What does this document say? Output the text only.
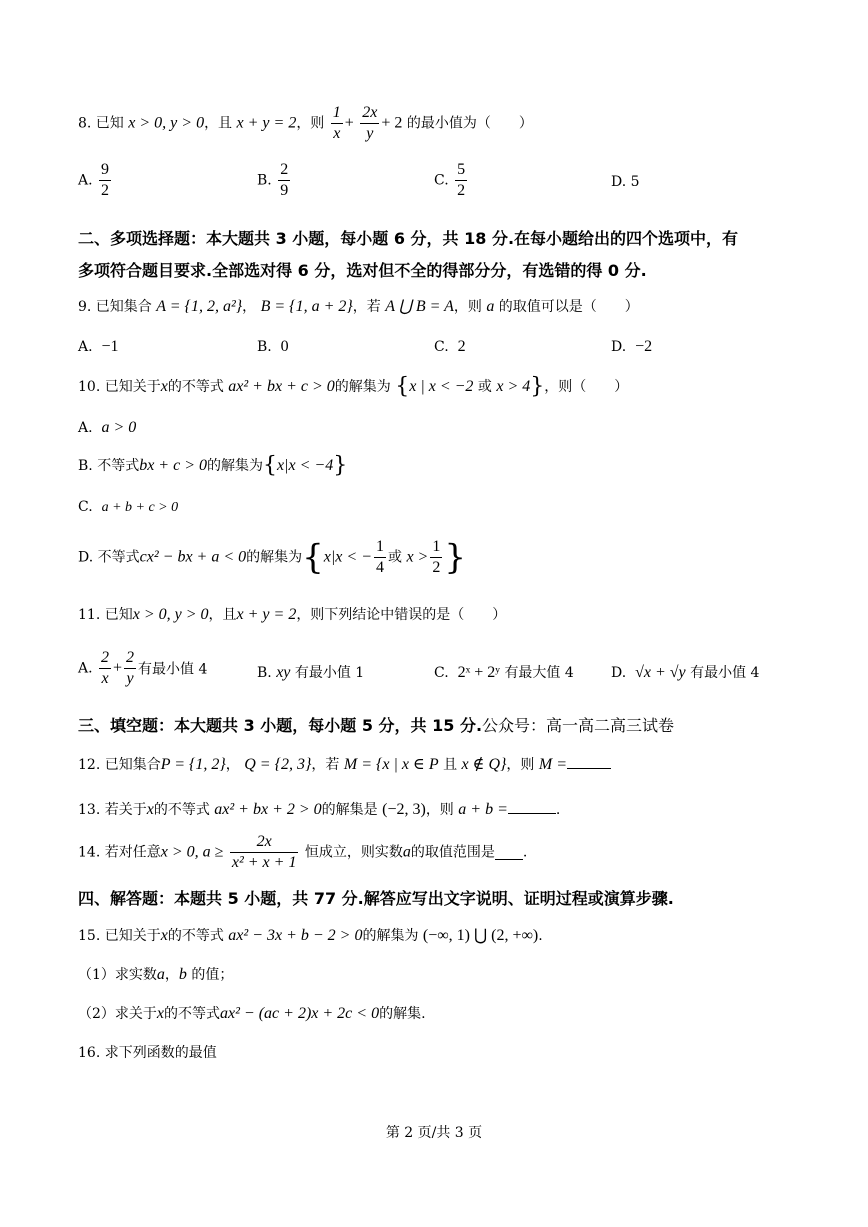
8. 已知 x > 0, y > 0，且 x + y = 2，则 $\frac{1}{x} + \frac{2x}{y} + 2$ 的最小值为（　　）
A. $\frac{9}{2}$	B. $\frac{2}{9}$	C. $\frac{5}{2}$	D. 5
二、多项选择题：本大题共 3 小题，每小题 6 分，共 18 分.在每小题给出的四个选项中，有
多项符合题目要求.全部选对得 6 分，选对但不全的得部分分，有选错的得 0 分.
9. 已知集合 A = {1, 2, a²}， B = {1, a + 2}，若 A ⋃ B = A，则 a 的取值可以是（　　）
A. −1	B. 0	C. 2	D. −2
10. 已知关于x的不等式 ax² + bx + c > 0的解集为 {x | x < −2 或 x > 4}，则（　　）
A. a > 0
B. 不等式bx + c > 0的解集为{x|x < −4}
C. a + b + c > 0
D. 不等式cx² − bx + a < 0的解集为{x|x < − $\frac{1}{4}$ 或 $x > \frac{1}{2}$ }
11. 已知x > 0, y > 0，且x + y = 2，则下列结论中错误的是（　　）
A. $\frac{2}{x} + \frac{2}{y}$ 有最小值 4	B. xy 有最小值 1	C. 2ˣ + 2ʸ 有最大值 4	D. √x + √y 有最小值 4
三、填空题：本大题共 3 小题，每小题 5 分，共 15 分.公众号：高一高二高三试卷
12. 已知集合P = {1, 2}， Q = {2, 3}，若 M = {x | x ∈ P 且 x ∉ Q}，则 M =
13. 若关于x的不等式 ax² + bx + 2 > 0的解集是 (−2, 3)，则 a + b =	.
14. 若对任意x > 0, $a \ge \frac{2x}{\text{x² + x + 1}}$ 恒成立，则实数a的取值范围是 .
四、解答题：本题共 5 小题，共 77 分.解答应写出文字说明、证明过程或演算步骤.
15. 已知关于x的不等式 ax² − 3x + b − 2 > 0的解集为 (−∞, 1) ⋃ (2, +∞).
（1）求实数a，b 的值；
（2）求关于x的不等式ax² − (ac + 2)x + 2c < 0的解集.
16. 求下列函数的最值
第 2 页/共 3 页
